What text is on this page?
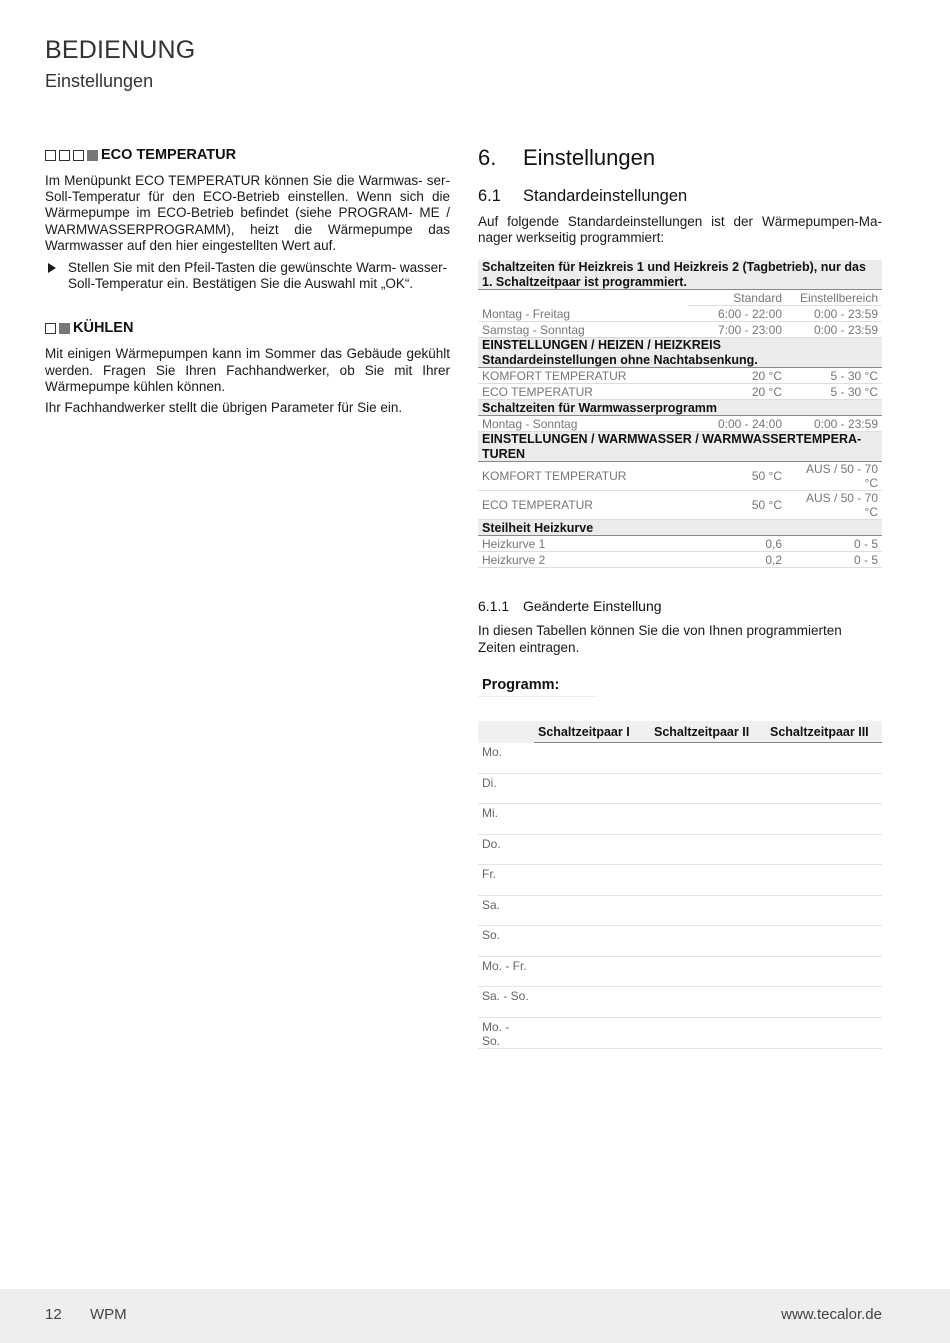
BEDIENUNG
Einstellungen
ECO TEMPERATUR
Im Menüpunkt ECO TEMPERATUR können Sie die Warmwas- ser-Soll-Temperatur für den ECO-Betrieb einstellen. Wenn sich die Wärmepumpe im ECO-Betrieb befindet (siehe PROGRAM- ME / WARMWASSERPROGRAMM), heizt die Wärmepumpe das Warmwasser auf den hier eingestellten Wert auf.
Stellen Sie mit den Pfeil-Tasten die gewünschte Warm- wasser-Soll-Temperatur ein. Bestätigen Sie die Auswahl mit „OK“.
KÜHLEN
Mit einigen Wärmepumpen kann im Sommer das Gebäude gekühlt werden. Fragen Sie Ihren Fachhandwerker, ob Sie mit Ihrer Wärmepumpe kühlen können.
Ihr Fachhandwerker stellt die übrigen Parameter für Sie ein.
6.	Einstellungen
6.1	Standardeinstellungen
Auf folgende Standardeinstellungen ist der Wärmepumpen-Ma- nager werkseitig programmiert:
Schaltzeiten für Heizkreis 1 und Heizkreis 2 (Tagbetrieb), nur das 1. Schaltzeitpaar ist programmiert.		
	Standard	Einstellbereich
Montag - Freitag	6:00 - 22:00	0:00 - 23:59
Samstag - Sonntag	7:00 - 23:00	0:00 - 23:59

EINSTELLUNGEN / HEIZEN / HEIZKREIS
Standardeinstellungen ohne Nachtabsenkung.		

KOMFORT TEMPERATUR	20 °C	5 - 30 °C
ECO TEMPERATUR	20 °C	5 - 30 °C
Schaltzeiten für Warmwasserprogramm		
Montag - Sonntag	0:00 - 24:00	0:00 - 23:59
EINSTELLUNGEN / WARMWASSER / WARMWASSERTEMPERA- TUREN		
KOMFORT TEMPERATUR	50 °C	AUS / 50 - 70 °C
ECO TEMPERATUR	50 °C	AUS / 50 - 70 °C
Steilheit Heizkurve		
Heizkurve 1	0,6	0 - 5
Heizkurve 2	0,2	0 - 5
6.1.1 Geänderte Einstellung
In diesen Tabellen können Sie die von Ihnen programmierten Zeiten eintragen.
Programm:
	Schaltzeitpaar I	Schaltzeitpaar II	Schaltzeitpaar III
Mo.			
Di.			
Mi.			
Do.			
Fr.			
Sa.			
So.			
Mo. - Fr.			
Sa. - So.			
Mo. - So.			
12 WPM	www.tecalor.de
